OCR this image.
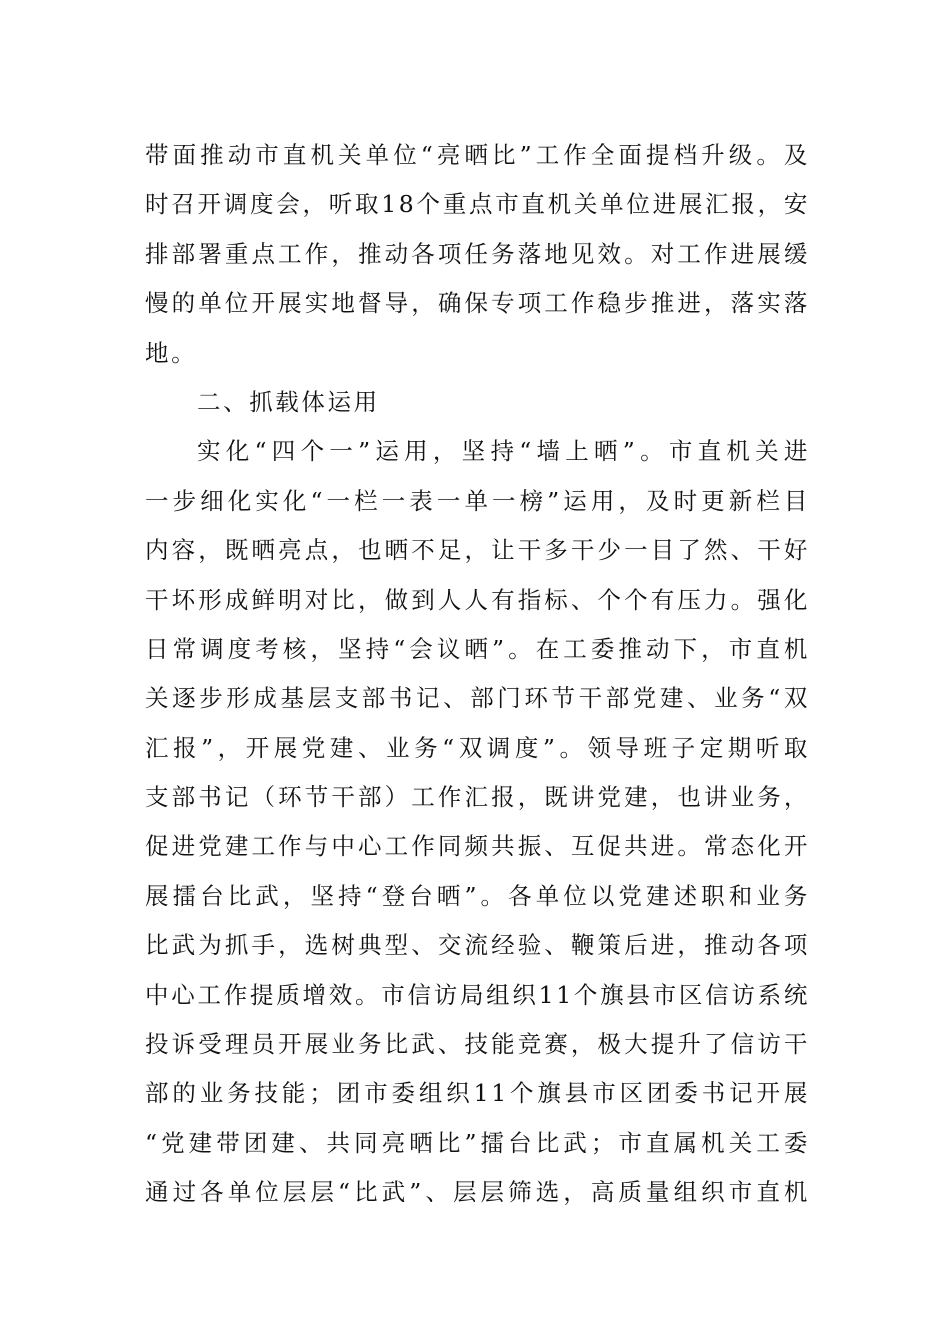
带面推动市直机关单位“亮晒比”工作全面提档升级。及
时召开调度会，听取18个重点市直机关单位进展汇报，安
排部署重点工作，推动各项任务落地见效。对工作进展缓
慢的单位开展实地督导，确保专项工作稳步推进，落实落
地。
二、抓载体运用
实化“四个一”运用，坚持“墙上晒”。市直机关进
一步细化实化“一栏一表一单一榜”运用，及时更新栏目
内容，既晒亮点，也晒不足，让干多干少一目了然、干好
干坏形成鲜明对比，做到人人有指标、个个有压力。强化
日常调度考核，坚持“会议晒”。在工委推动下，市直机
关逐步形成基层支部书记、部门环节干部党建、业务“双
汇报”，开展党建、业务“双调度”。领导班子定期听取
支部书记（环节干部）工作汇报，既讲党建，也讲业务，
促进党建工作与中心工作同频共振、互促共进。常态化开
展擂台比武，坚持“登台晒”。各单位以党建述职和业务
比武为抓手，选树典型、交流经验、鞭策后进，推动各项
中心工作提质增效。市信访局组织11个旗县市区信访系统
投诉受理员开展业务比武、技能竞赛，极大提升了信访干
部的业务技能；团市委组织11个旗县市区团委书记开展
“党建带团建、共同亮晒比”擂台比武；市直属机关工委
通过各单位层层“比武”、层层筛选，高质量组织市直机
